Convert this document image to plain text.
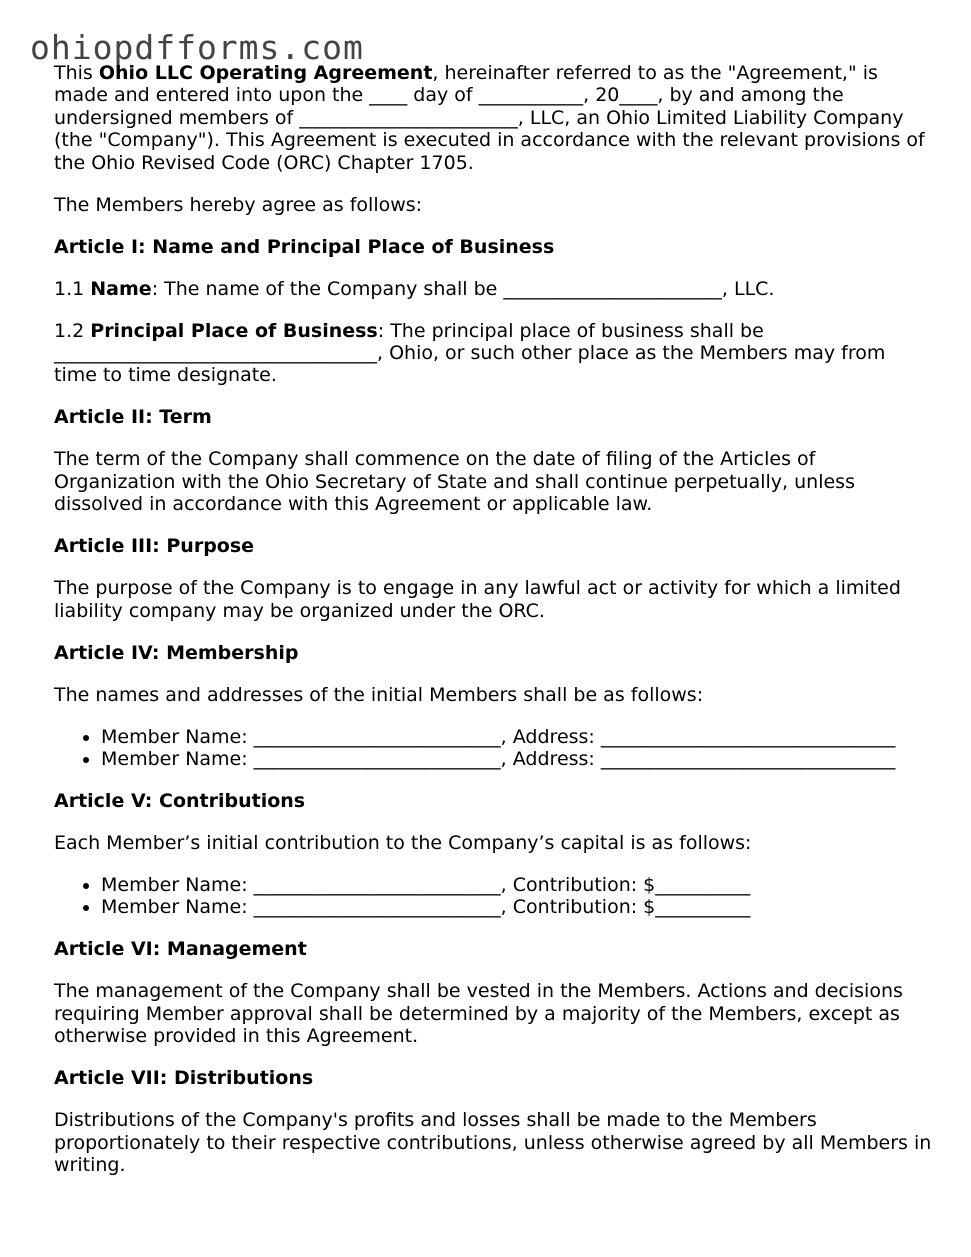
ohiopdfforms.com

This Ohio LLC Operating Agreement, hereinafter referred to as the "Agreement," is made and entered into upon the ____ day of ___________, 20____, by and among the undersigned members of _______________________, LLC, an Ohio Limited Liability Company (the "Company"). This Agreement is executed in accordance with the relevant provisions of the Ohio Revised Code (ORC) Chapter 1705.

The Members hereby agree as follows:

Article I: Name and Principal Place of Business

1.1 Name: The name of the Company shall be _______________________, LLC.

1.2 Principal Place of Business: The principal place of business shall be __________________________________, Ohio, or such other place as the Members may from time to time designate.

Article II: Term

The term of the Company shall commence on the date of filing of the Articles of Organization with the Ohio Secretary of State and shall continue perpetually, unless dissolved in accordance with this Agreement or applicable law.

Article III: Purpose

The purpose of the Company is to engage in any lawful act or activity for which a limited liability company may be organized under the ORC.

Article IV: Membership

The names and addresses of the initial Members shall be as follows:

• Member Name: __________________________, Address: _______________________________
• Member Name: __________________________, Address: _______________________________
Article V: Contributions

Each Member’s initial contribution to the Company’s capital is as follows:

• Member Name: __________________________, Contribution: $__________
• Member Name: __________________________, Contribution: $__________
Article VI: Management

The management of the Company shall be vested in the Members. Actions and decisions requiring Member approval shall be determined by a majority of the Members, except as otherwise provided in this Agreement.

Article VII: Distributions

Distributions of the Company's profits and losses shall be made to the Members proportionately to their respective contributions, unless otherwise agreed by all Members in writing.
